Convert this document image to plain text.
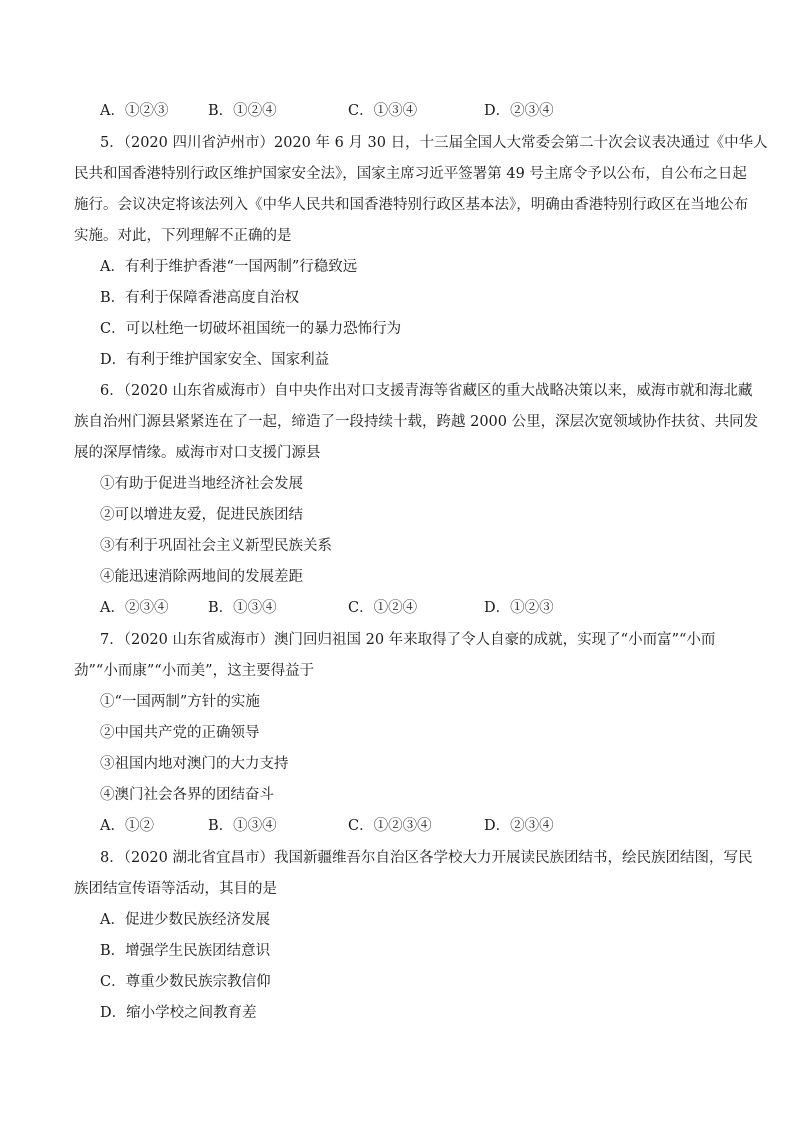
A．①②③	B．①②④	C．①③④	D．②③④
5．（2020 四川省泸州市）2020 年 6 月 30 日，十三届全国人大常委会第二十次会议表决通过《中华人
民共和国香港特别行政区维护国家安全法》，国家主席习近平签署第 49 号主席令予以公布，自公布之日起
施行。会议决定将该法列入《中华人民共和国香港特别行政区基本法》，明确由香港特别行政区在当地公布
实施。对此，下列理解不正确的是
A．有利于维护香港“一国两制”行稳致远
B．有利于保障香港高度自治权
C．可以杜绝一切破坏祖国统一的暴力恐怖行为
D．有利于维护国家安全、国家利益
6．（2020 山东省威海市）自中央作出对口支援青海等省藏区的重大战略决策以来，威海市就和海北藏
族自治州门源县紧紧连在了一起，缔造了一段持续十载，跨越 2000 公里，深层次宽领域协作扶贫、共同发
展的深厚情缘。威海市对口支援门源县
①有助于促进当地经济社会发展
②可以增进友爱，促进民族团结
③有利于巩固社会主义新型民族关系
④能迅速消除两地间的发展差距
A．②③④	B．①③④	C．①②④	D．①②③
7．（2020 山东省威海市）澳门回归祖国 20 年来取得了令人自豪的成就，实现了“小而富”“小而
劲”“小而康”“小而美”，这主要得益于
①“一国两制”方针的实施
②中国共产党的正确领导
③祖国内地对澳门的大力支持
④澳门社会各界的团结奋斗
A．①②	B．①③④	C．①②③④	D．②③④
8．（2020 湖北省宜昌市）我国新疆维吾尔自治区各学校大力开展读民族团结书，绘民族团结图，写民
族团结宣传语等活动，其目的是
A．促进少数民族经济发展
B．增强学生民族团结意识
C．尊重少数民族宗教信仰
D．缩小学校之间教育差
